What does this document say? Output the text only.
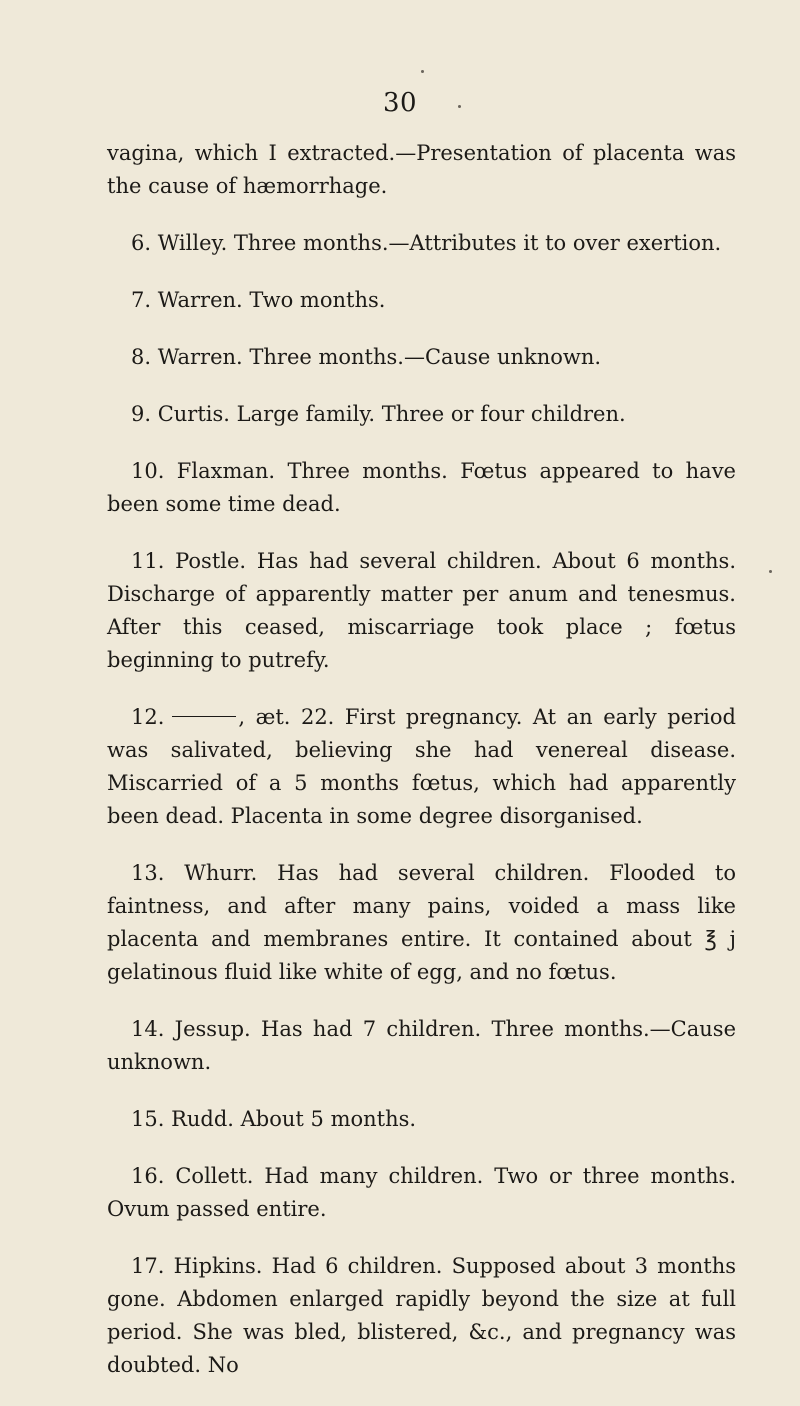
30

vagina, which I extracted.—Presentation of placenta was the cause of hæmorrhage.

6. Willey. Three months.—Attributes it to over exertion.

7. Warren. Two months.

8. Warren. Three months.—Cause unknown.

9. Curtis. Large family. Three or four children.

10. Flaxman. Three months. Fœtus appeared to have been some time dead.

11. Postle. Has had several children. About 6 months. Discharge of apparently matter per anum and tenesmus. After this ceased, miscarriage took place ; fœtus beginning to putrefy.

12.	, æt. 22. First pregnancy. At an early period was salivated, believing she had venereal disease. Miscarried of a 5 months fœtus, which had apparently been dead. Placenta in some degree disorganised.

13. Whurr. Has had several children. Flooded to faintness, and after many pains, voided a mass like placenta and membranes entire. It contained about ℥ j gelatinous fluid like white of egg, and no fœtus.

14. Jessup. Has had 7 children. Three months.—Cause unknown.

15. Rudd. About 5 months.

16. Collett. Had many children. Two or three months. Ovum passed entire.

17. Hipkins. Had 6 children. Supposed about 3 months gone. Abdomen enlarged rapidly beyond the size at full period. She was bled, blistered, &c., and pregnancy was doubted. No
